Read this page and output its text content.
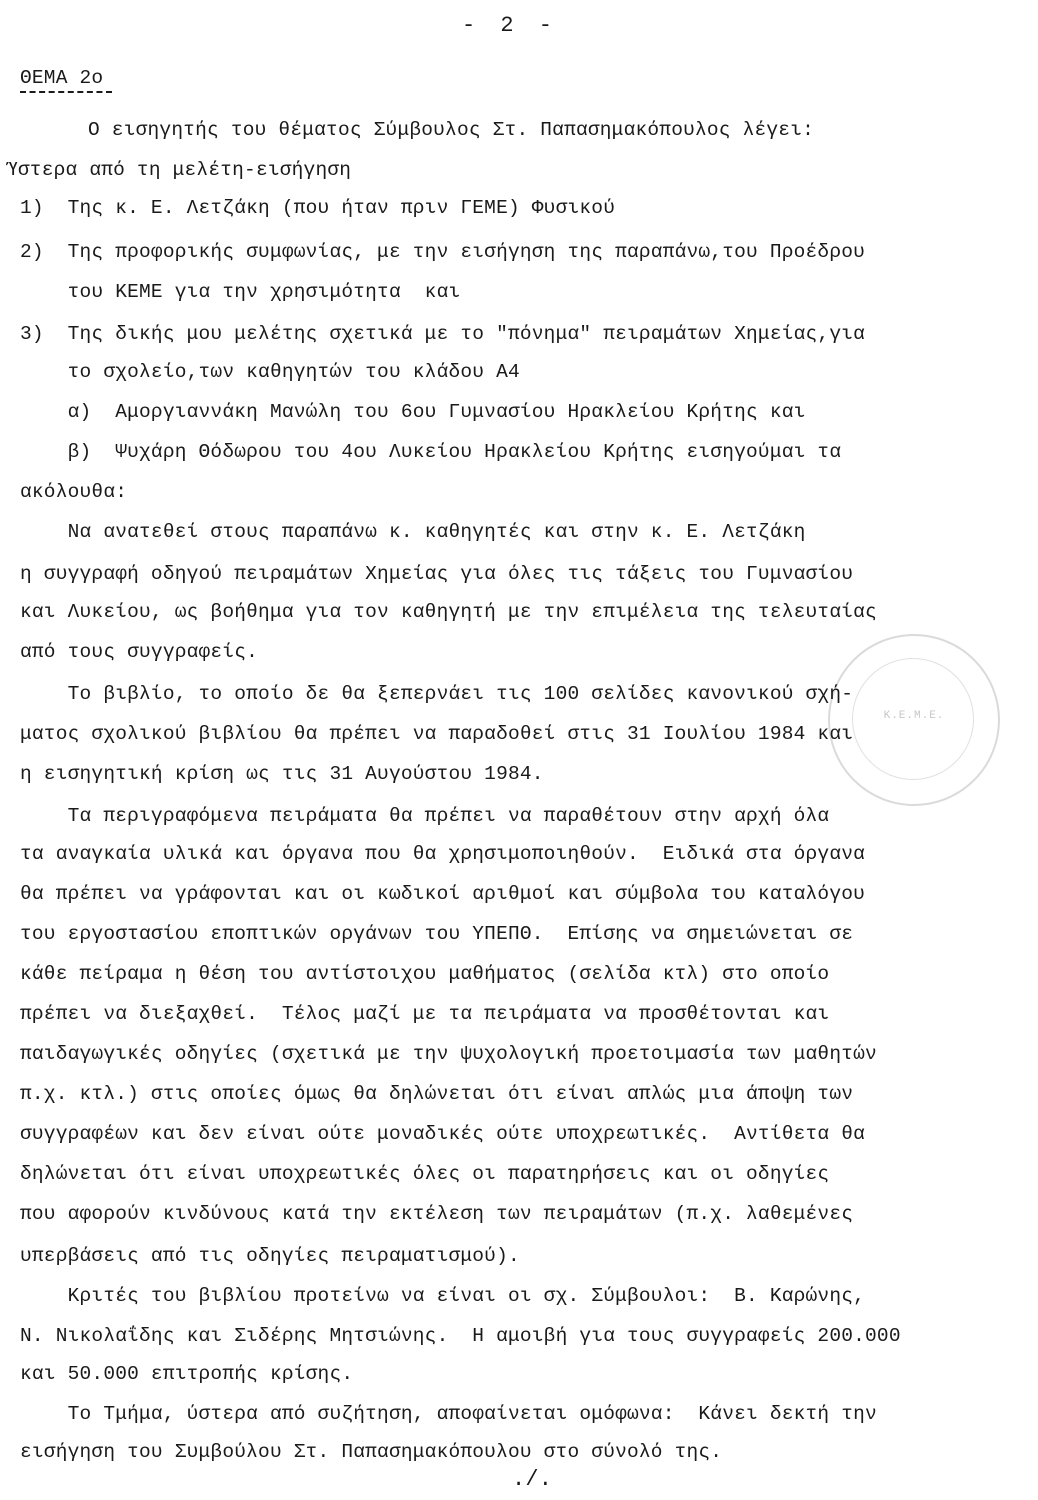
- 2 -
ΘΕΜΑ 2ο
Κ.Ε.Μ.Ε.
Ο εισηγητής του θέματος Σύμβουλος Στ. Παπασημακόπουλος λέγει:
Ύστερα από τη μελέτη-εισήγηση
1)  Της κ. Ε. Λετζάκη (που ήταν πριν ΓΕΜΕ) Φυσικού
2)  Της προφορικής συμφωνίας, με την εισήγηση της παραπάνω,του Προέδρου
του ΚΕΜΕ για την χρησιμότητα  και
3)  Της δικής μου μελέτης σχετικά με το "πόνημα" πειραμάτων Χημείας,για
το σχολείο,των καθηγητών του κλάδου Α4
α)  Αμοργιαννάκη Μανώλη του 6ου Γυμνασίου Ηρακλείου Κρήτης και
β)  Ψυχάρη Θόδωρου του 4ου Λυκείου Ηρακλείου Κρήτης εισηγούμαι τα
ακόλουθα:
Να ανατεθεί στους παραπάνω κ. καθηγητές και στην κ. Ε. Λετζάκη
η συγγραφή οδηγού πειραμάτων Χημείας για όλες τις τάξεις του Γυμνασίου
και Λυκείου, ως βοήθημα για τον καθηγητή με την επιμέλεια της τελευταίας
από τους συγγραφείς.
Το βιβλίο, το οποίο δε θα ξεπερνάει τις 100 σελίδες κανονικού σχή-
ματος σχολικού βιβλίου θα πρέπει να παραδοθεί στις 31 Ιουλίου 1984 και
η εισηγητική κρίση ως τις 31 Αυγούστου 1984.
Τα περιγραφόμενα πειράματα θα πρέπει να παραθέτουν στην αρχή όλα
τα αναγκαία υλικά και όργανα που θα χρησιμοποιηθούν.  Ειδικά στα όργανα
θα πρέπει να γράφονται και οι κωδικοί αριθμοί και σύμβολα του καταλόγου
του εργοστασίου εποπτικών οργάνων του ΥΠΕΠΘ.  Επίσης να σημειώνεται σε
κάθε πείραμα η θέση του αντίστοιχου μαθήματος (σελίδα κτλ) στο οποίο
πρέπει να διεξαχθεί.  Τέλος μαζί με τα πειράματα να προσθέτονται και
παιδαγωγικές οδηγίες (σχετικά με την ψυχολογική προετοιμασία των μαθητών
π.χ. κτλ.) στις οποίες όμως θα δηλώνεται ότι είναι απλώς μια άποψη των
συγγραφέων και δεν είναι ούτε μοναδικές ούτε υποχρεωτικές.  Αντίθετα θα
δηλώνεται ότι είναι υποχρεωτικές όλες οι παρατηρήσεις και οι οδηγίες
που αφορούν κινδύνους κατά την εκτέλεση των πειραμάτων (π.χ. λαθεμένες
υπερβάσεις από τις οδηγίες πειραματισμού).
Κριτές του βιβλίου προτείνω να είναι οι σχ. Σύμβουλοι:  Β. Καρώνης,
Ν. Νικολαΐδης και Σιδέρης Μητσιώνης.  Η αμοιβή για τους συγγραφείς 200.000
και 50.000 επιτροπής κρίσης.
Το Τμήμα, ύστερα από συζήτηση, αποφαίνεται ομόφωνα:  Κάνει δεκτή την
εισήγηση του Συμβούλου Στ. Παπασημακόπουλου στο σύνολό της.
./.
